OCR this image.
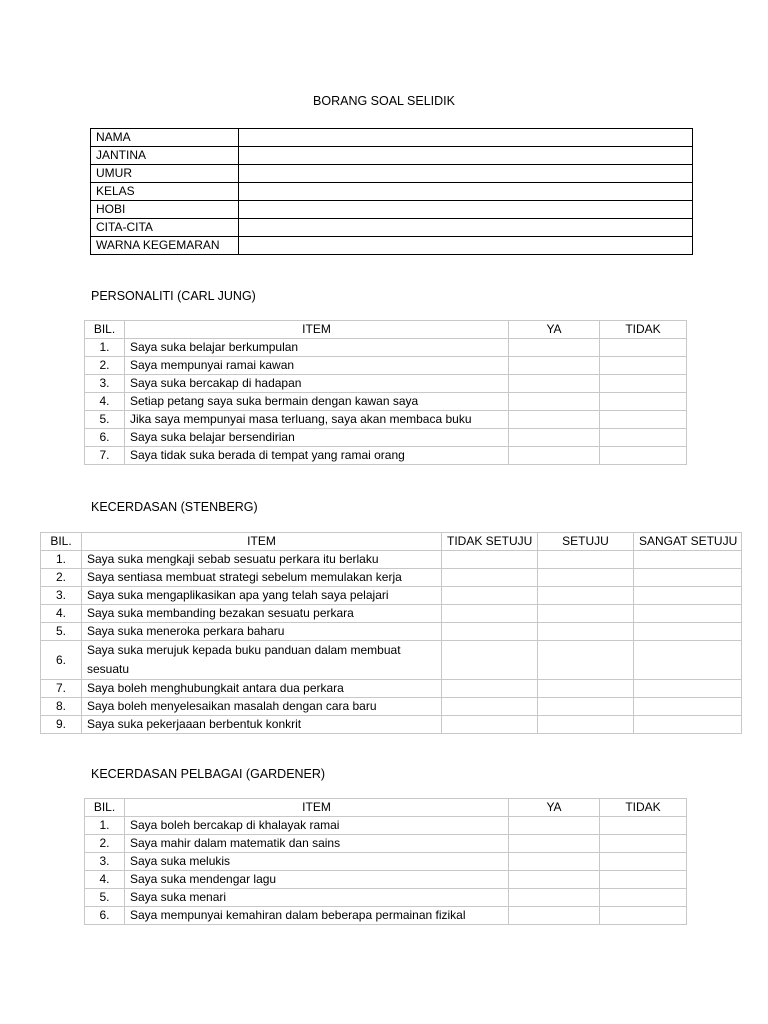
BORANG SOAL SELIDIK
NAMA	
JANTINA	
UMUR	
KELAS	
HOBI	
CITA-CITA	
WARNA KEGEMARAN	
PERSONALITI (CARL JUNG)
BIL.	ITEM	YA	TIDAK
1.	Saya suka belajar berkumpulan		
2.	Saya mempunyai ramai kawan		
3.	Saya suka bercakap di hadapan		
4.	Setiap petang saya suka bermain dengan kawan saya		
5.	Jika saya mempunyai masa terluang, saya akan membaca buku		
6.	Saya suka belajar bersendirian		
7.	Saya tidak suka berada di tempat yang ramai orang		
KECERDASAN (STENBERG)
BIL.	ITEM	TIDAK SETUJU	SETUJU	SANGAT SETUJU
1.	Saya suka mengkaji sebab sesuatu perkara itu berlaku			
2.	Saya sentiasa membuat strategi sebelum memulakan kerja			
3.	Saya suka mengaplikasikan apa yang telah saya pelajari			
4.	Saya suka membanding bezakan sesuatu perkara			
5.	Saya suka meneroka perkara baharu			
6.	Saya suka merujuk kepada buku panduan dalam membuat sesuatu			
7.	Saya boleh menghubungkait antara dua perkara			
8.	Saya boleh menyelesaikan masalah dengan cara baru			
9.	Saya suka pekerjaaan berbentuk konkrit			
KECERDASAN PELBAGAI (GARDENER)
BIL.	ITEM	YA	TIDAK
1.	Saya boleh bercakap di khalayak ramai		
2.	Saya mahir dalam matematik dan sains		
3.	Saya suka melukis		
4.	Saya suka mendengar lagu		
5.	Saya suka menari		
6.	Saya mempunyai kemahiran dalam beberapa permainan fizikal		
